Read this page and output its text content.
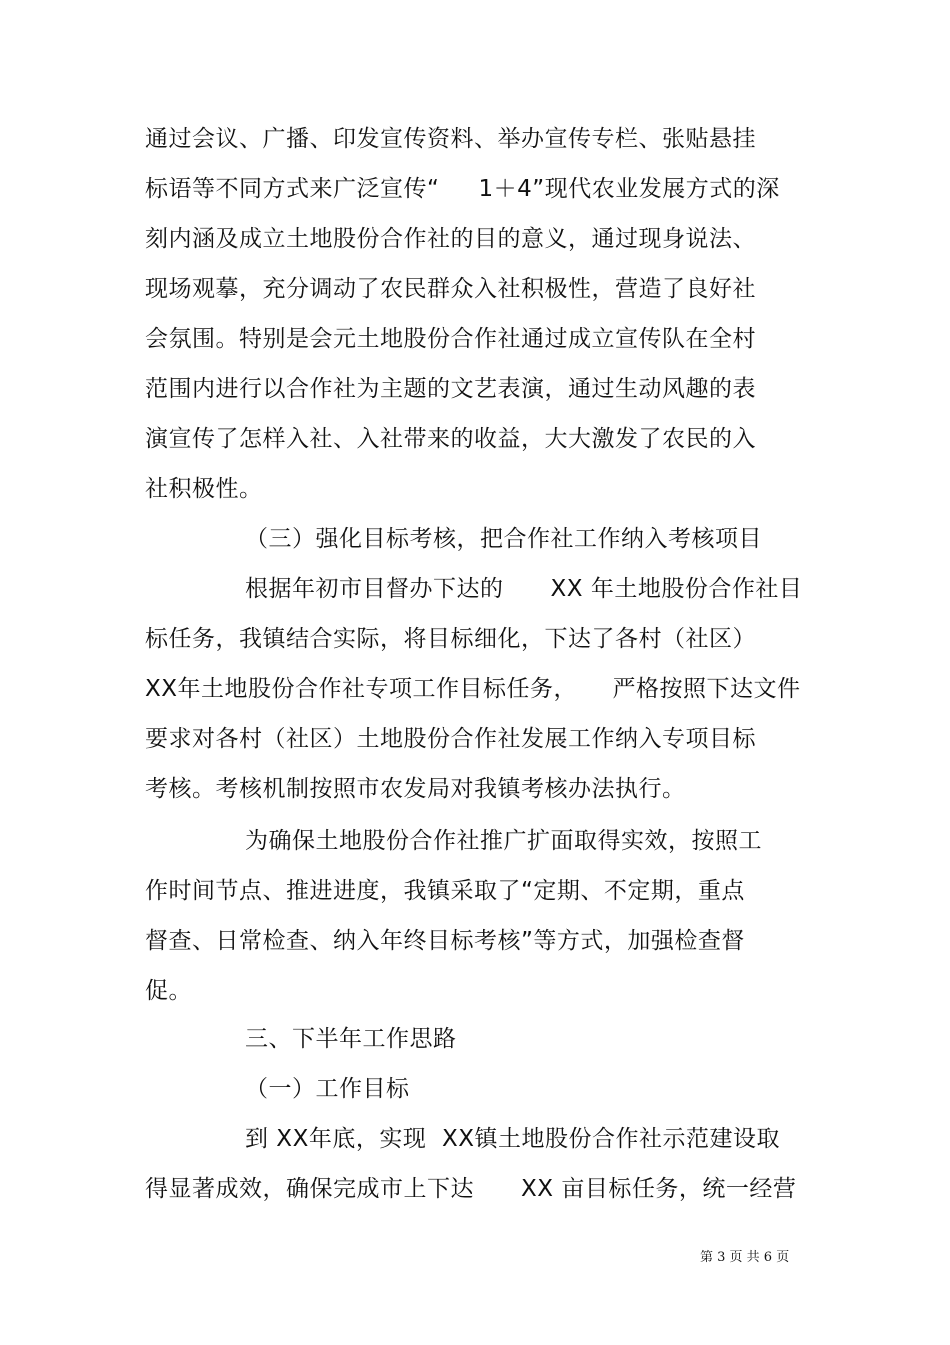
通过会议、广播、印发宣传资料、举办宣传专栏、张贴悬挂
标语等不同方式来广泛宣传“　  1＋4”现代农业发展方式的深
刻内涵及成立土地股份合作社的目的意义，通过现身说法、
现场观摹，充分调动了农民群众入社积极性，营造了良好社
会氛围。特别是会元土地股份合作社通过成立宣传队在全村
范围内进行以合作社为主题的文艺表演，通过生动风趣的表
演宣传了怎样入社、入社带来的收益，大大激发了农民的入
社积极性。
（三）强化目标考核，把合作社工作纳入考核项目
根据年初市目督办下达的　　XX 年土地股份合作社目
标任务，我镇结合实际，将目标细化，下达了各村（社区）
XX年土地股份合作社专项工作目标任务，　　严格按照下达文件
要求对各村（社区）土地股份合作社发展工作纳入专项目标
考核。考核机制按照市农发局对我镇考核办法执行。
为确保土地股份合作社推广扩面取得实效，按照工
作时间节点、推进进度，我镇采取了“定期、不定期，重点
督查、日常检查、纳入年终目标考核”等方式，加强检查督
促。
三、下半年工作思路
（一）工作目标
到 XX年底，实现  XX镇土地股份合作社示范建设取
得显著成效，确保完成市上下达　　XX 亩目标任务，统一经营
第 3 页 共 6 页
